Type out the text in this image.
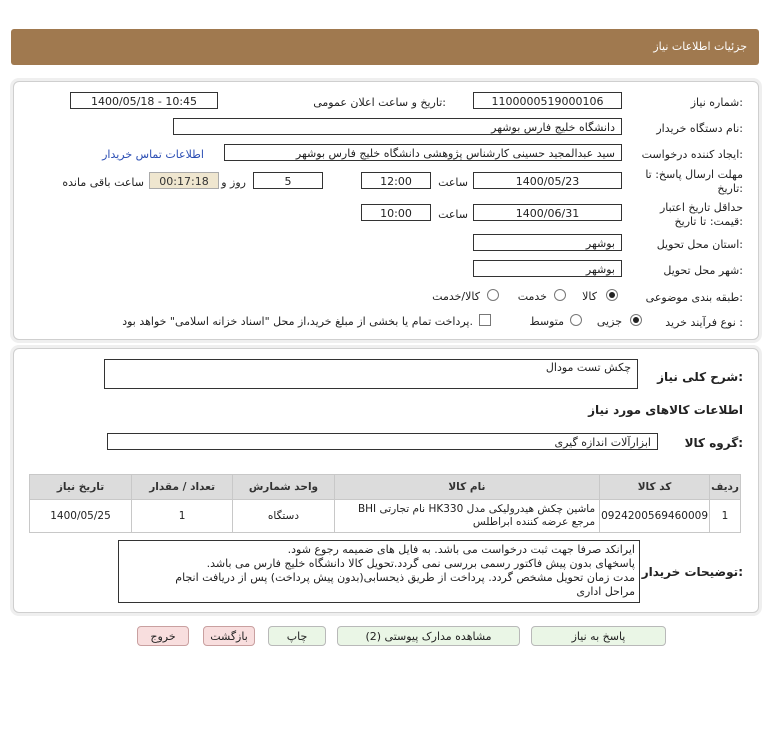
جزئیات اطلاعات نیاز
شماره نیاز:
1100000519000106
تاریخ و ساعت اعلان عمومی:
1400/05/18 - 10:45
نام دستگاه خریدار:
دانشگاه خلیج فارس بوشهر
ایجاد کننده درخواست:
سید عبدالمجید حسینی کارشناس پژوهشی دانشگاه خلیج فارس بوشهر
اطلاعات تماس خریدار
مهلت ارسال پاسخ: تا
تاریخ:
1400/05/23
ساعت
12:00
5
روز و
00:17:18
ساعت باقی مانده
حداقل تاریخ اعتبار
قیمت: تا تاریخ:
1400/06/31
ساعت
10:00
استان محل تحویل:
بوشهر
شهر محل تحویل:
بوشهر
طبقه بندی موضوعی:
کالا
خدمت
کالا/خدمت
نوع فرآیند خرید :
جزیی
متوسط
پرداخت تمام یا بخشی از مبلغ خرید،از محل "اسناد خزانه اسلامی" خواهد بود.
شرح کلی نیاز:
چکش تست مودال
اطلاعات کالاهای مورد نیاز
گروه کالا:
ابزارآلات اندازه گیری
ردیف	کد کالا	نام کالا	واحد شمارش	تعداد / مقدار	تاریخ نیاز
1	0924200569460009	ماشین چکش هیدرولیکی مدل HK330 نام تجارتی BHI مرجع عرضه کننده ابراطلس	دستگاه	1	1400/05/25
توضیحات خریدار:
ایرانکد صرفا جهت ثبت درخواست می باشد. به فایل های ضمیمه رجوع شود.
پاسخهای بدون پیش فاکتور رسمی بررسی نمی گردد.تحویل کالا دانشگاه خلیج فارس می باشد.
مدت زمان تحویل مشخص گردد. پرداخت از طریق ذیحسابی(بدون پیش پرداخت) پس از دریافت انجام
مراحل اداری
پاسخ به نیاز
مشاهده مدارک پیوستی (2)
چاپ
بازگشت
خروج
